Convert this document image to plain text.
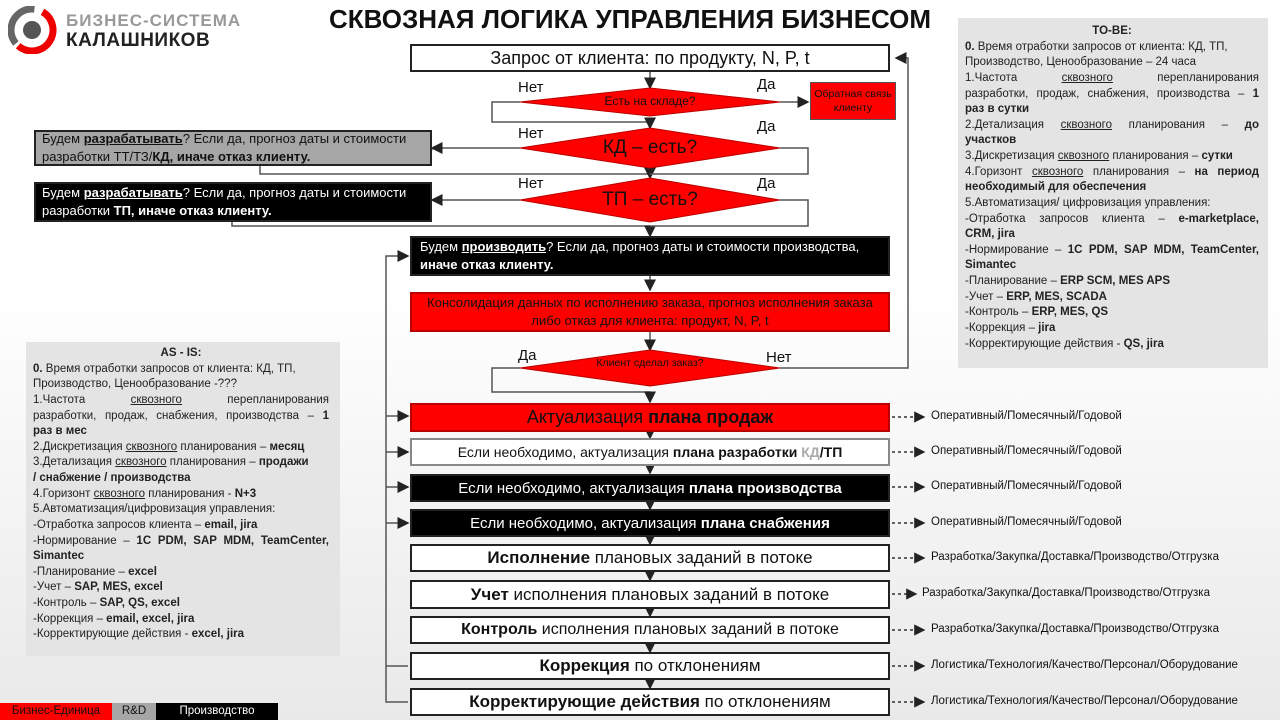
БИЗНЕС-СИСТЕМА
КАЛАШНИКОВ
СКВОЗНАЯ ЛОГИКА УПРАВЛЕНИЯ БИЗНЕСОМ
Запрос от клиента: по продукту, N, P, t
Есть на складе?
КД – есть?
ТП – есть?
Клиент сделал заказ?
Нет	Да
Нет	Да
Нет	Да
Да	Нет
Обратная связь клиенту
Будем разрабатывать? Если да, прогноз даты и стоимости разработки ТТ/ТЗ/КД, иначе отказ клиенту.
Будем разрабатывать? Если да, прогноз даты и стоимости разработки ТП, иначе отказ клиенту.
Будем производить? Если да, прогноз даты и стоимости производства, иначе отказ клиенту.
Консолидация данных по исполнению заказа, прогноз исполнения заказа либо отказ для клиента: продукт, N, P, t
Актуализация плана продаж
Если необходимо, актуализация плана разработки КД/ТП
Если необходимо, актуализация плана производства
Если необходимо, актуализация плана снабжения
Исполнение плановых заданий в потоке
Учет исполнения плановых заданий в потоке
Контроль исполнения плановых заданий в потоке
Коррекция по отклонениям
Корректирующие действия по отклонениям
Оперативный/Помесячный/Годовой
Оперативный/Помесячный/Годовой
Оперативный/Помесячный/Годовой
Оперативный/Помесячный/Годовой
Разработка/Закупка/Доставка/Производство/Отгрузка
Разработка/Закупка/Доставка/Производство/Отгрузка
Разработка/Закупка/Доставка/Производство/Отгрузка
Логистика/Технология/Качество/Персонал/Оборудование
Логистика/Технология/Качество/Персонал/Оборудование

AS - IS:

0. Время отработки запросов от клиента: КД, ТП, Производство, Ценообразование -???

1.Частота	сквозного	перепланирования

разработки, продаж, снабжения, производства – 1

раз в мес

2.Дискретизация сквозного планирования – месяц

3.Детализация сквозного планирования – продажи

/ снабжение / производства

4.Горизонт сквозного планирования - N+3

5.Автоматизация/цифровизация управления:

-Отработка запросов клиента – email, jira

-Нормирование – 1С PDM, SAP MDM, TeamCenter,

Simantec

-Планирование – excel

-Учет – SAP, MES, excel

-Контроль – SAP, QS, excel

-Коррекция – email, excel, jira

-Корректирующие действия - excel, jira

TO-BE:

0. Время отработки запросов от клиента: КД, ТП, Производство, Ценообразование – 24 часа

1.Частота	сквозного	перепланирования

разработки, продаж, снабжения, производства – 1

раз в сутки

2.Детализация сквозного планирования – до

участков

3.Дискретизация сквозного планирования – сутки

4.Горизонт сквозного планирования – на период

необходимый для обеспечения

5.Автоматизация/ цифровизация управления:

-Отработка запросов клиента – e-marketplace,

CRM, jira

-Нормирование – 1С PDM, SAP MDM, TeamCenter,

Simantec

-Планирование – ERP SCM, MES APS

-Учет – ERP, MES, SCADA

-Контроль – ERP, MES, QS

-Коррекция – jira

-Корректирующие действия - QS, jira

Бизнес-Единица	R&D	Производство
